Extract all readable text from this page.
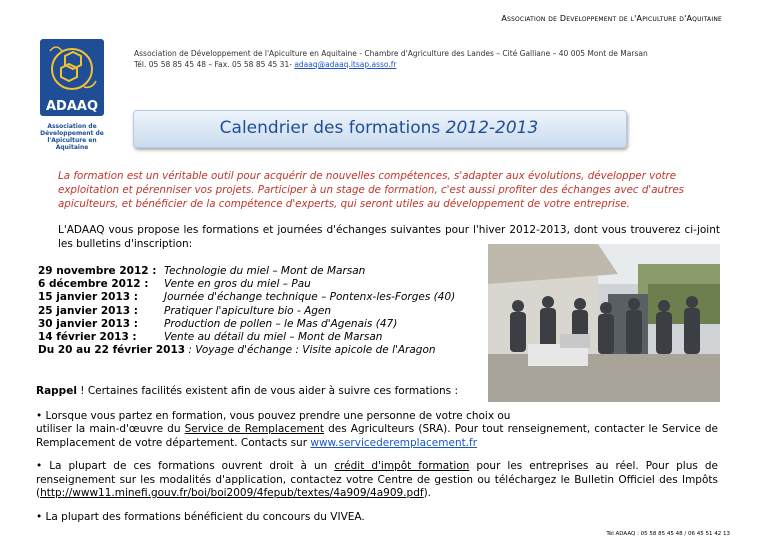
Association de Developpement de l'Apiculture d'Aquitaine
ADAAQ
Association de
Développement de
l'Apiculture en Aquitaine
Association de Développement de l'Apiculture en Aquitaine - Chambre d'Agriculture des Landes – Cité Galliane – 40 005 Mont de Marsan
Tél. 05 58 85 45 48 – Fax. 05 58 85 45 31- adaaq@adaaq.itsap.asso.fr
Calendrier des formations 2012-2013
La formation est un véritable outil pour acquérir de nouvelles compétences, s'adapter aux évolutions, développer votre exploitation et pérenniser vos projets. Participer à un stage de formation, c'est aussi profiter des échanges avec d'autres apiculteurs, et bénéficier de la compétence d'experts, qui seront utiles au développement de votre entreprise.
L'ADAAQ vous propose les formations et journées d'échanges suivantes pour l'hiver 2012-2013, dont vous trouverez ci-joint les bulletins d'inscription:
29 novembre 2012 : Technologie du miel – Mont de Marsan
6 décembre 2012 : Vente en gros du miel – Pau
15 janvier 2013 : Journée d'échange technique – Pontenx-les-Forges (40)
25 janvier 2013 : Pratiquer l'apiculture bio - Agen
30 janvier 2013 : Production de pollen – le Mas d'Agenais (47)
14 février 2013 :	Vente au détail du miel – Mont de Marsan
Du 20 au 22 février 2013 : Voyage d'échange : Visite apicole de l'Aragon
Rappel ! Certaines facilités existent afin de vous aider à suivre ces formations :
• Lorsque vous partez en formation, vous pouvez prendre une personne de votre choix ou
utiliser la main-d'œuvre du Service de Remplacement des Agriculteurs (SRA). Pour tout renseignement, contacter le Service de Remplacement de votre département. Contacts sur www.servicederemplacement.fr
• La plupart de ces formations ouvrent droit à un crédit d'impôt formation pour les entreprises au réel. Pour plus de renseignement sur les modalités d'application, contactez votre Centre de gestion ou téléchargez le Bulletin Officiel des Impôts (http://www11.minefi.gouv.fr/boi/boi2009/4fepub/textes/4a909/4a909.pdf).
• La plupart des formations bénéficient du concours du VIVEA.
Tél ADAAQ : 05 58 85 45 48 / 06 45 51 42 13
